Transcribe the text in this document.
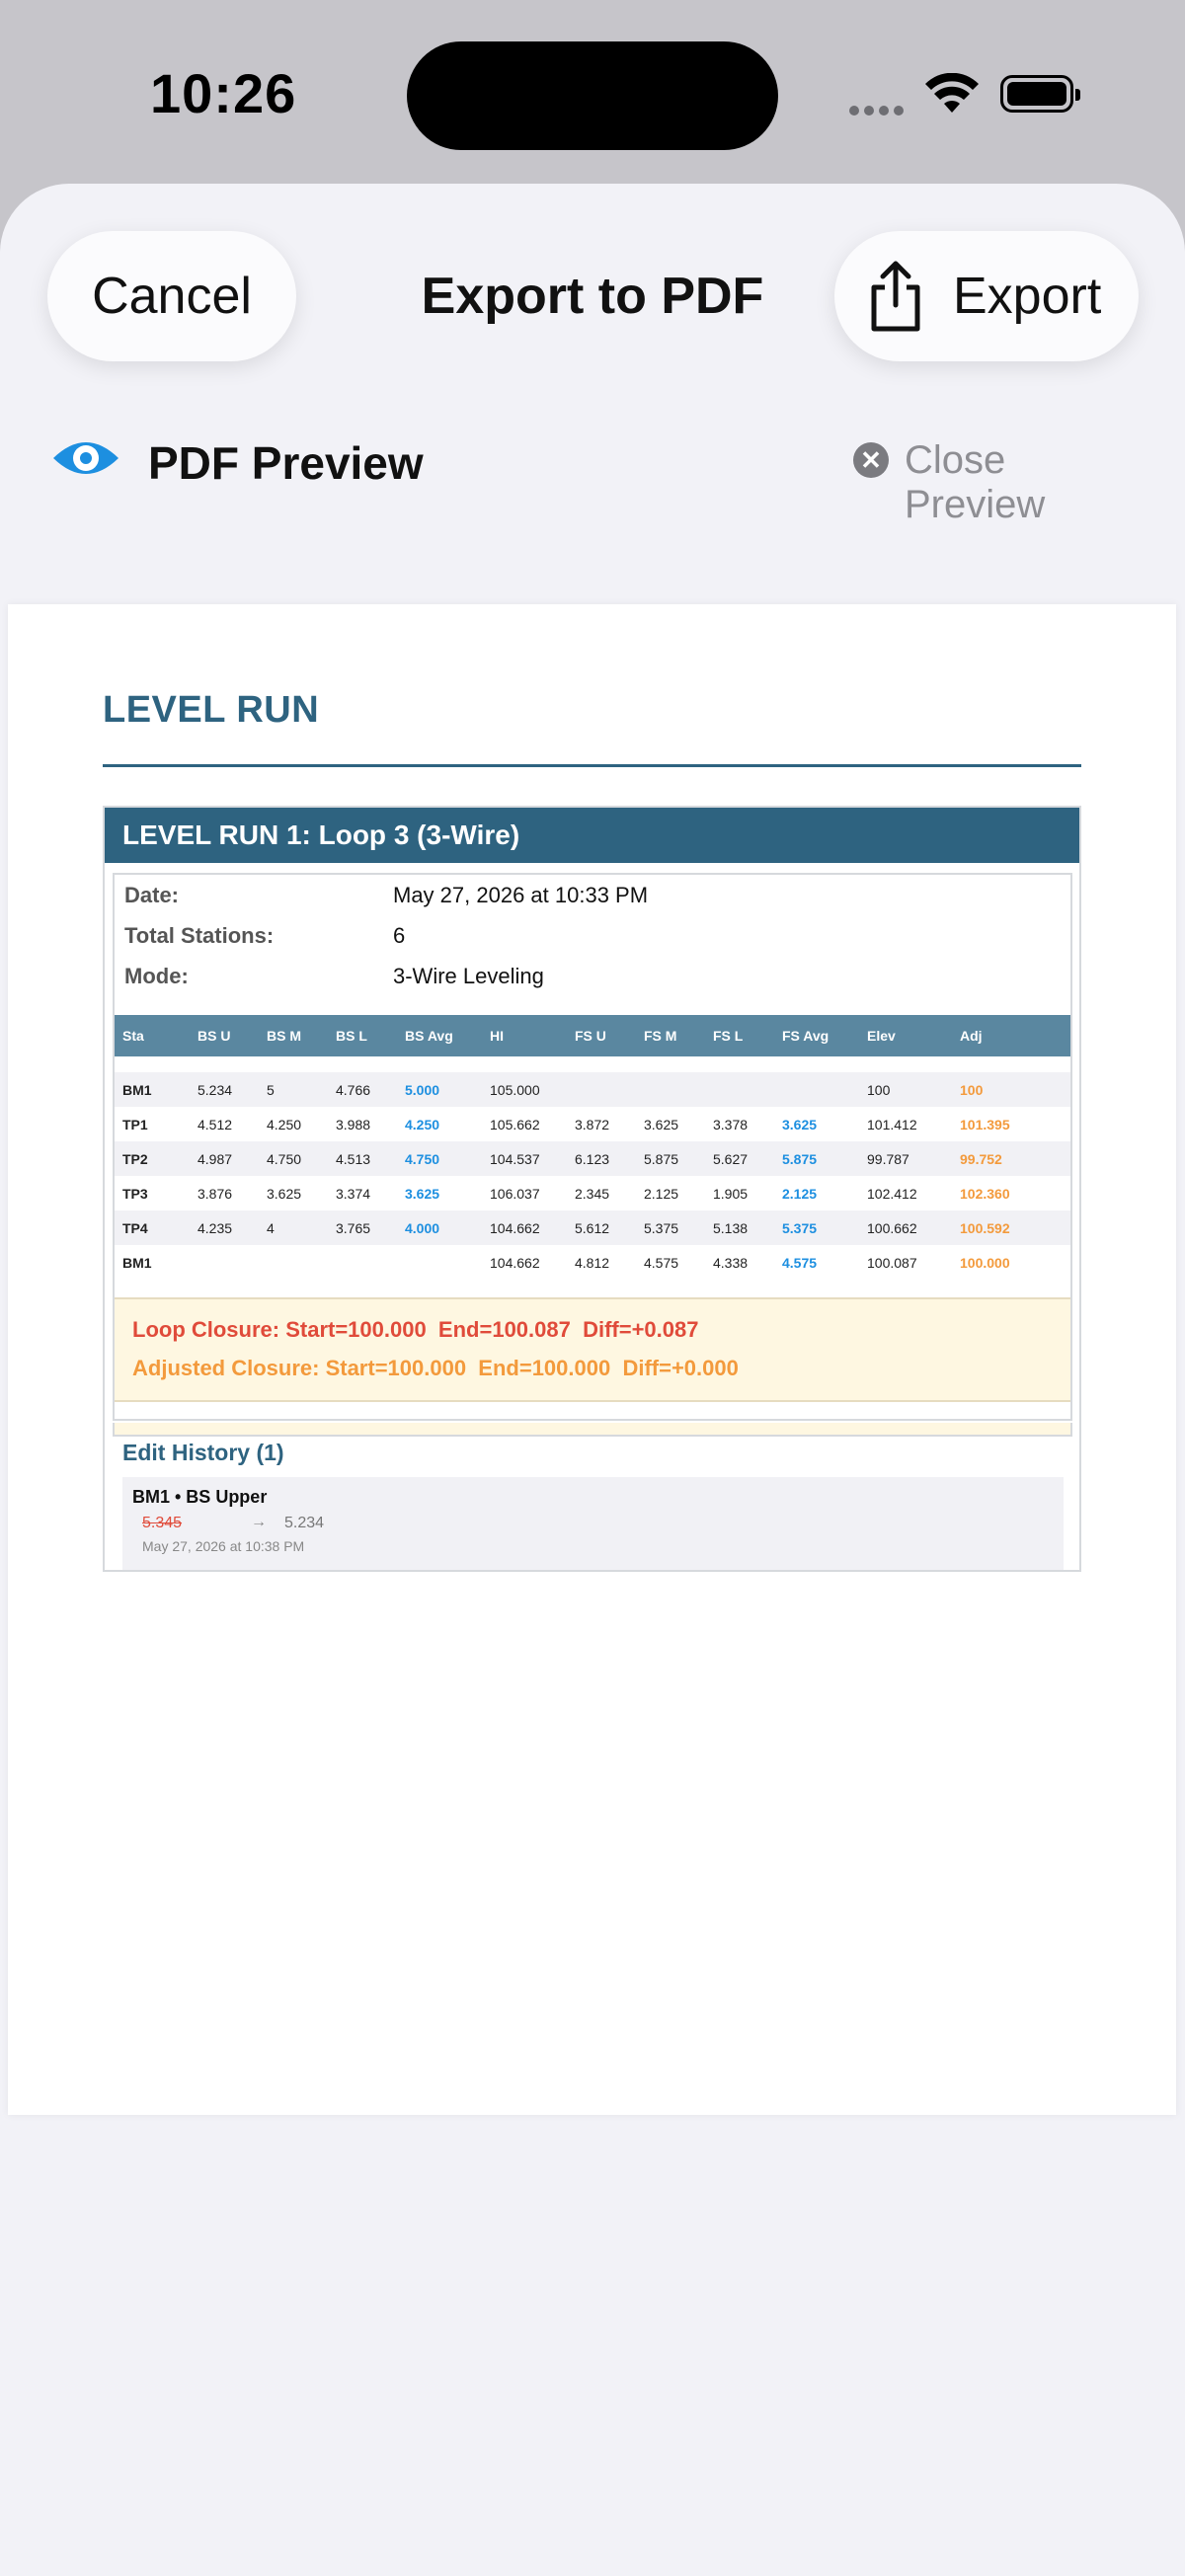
10:26
Cancel	Export to PDF	Export
PDF Preview	✕ Close Preview
LEVEL RUN
LEVEL RUN 1: Loop 3 (3-Wire)
Date:	May 27, 2026 at 10:33 PM
Total Stations:	6
Mode:	3-Wire Leveling
Sta	BS U	BS M	BS L	BS Avg	HI	FS U	FS M	FS L	FS Avg	Elev	Adj

BM1	5.234	5	4.766	5.000	105.000					100	100
TP1	4.512	4.250	3.988	4.250	105.662	3.872	3.625	3.378	3.625	101.412	101.395
TP2	4.987	4.750	4.513	4.750	104.537	6.123	5.875	5.627	5.875	99.787	99.752
TP3	3.876	3.625	3.374	3.625	106.037	2.345	2.125	1.905	2.125	102.412	102.360
TP4	4.235	4	3.765	4.000	104.662	5.612	5.375	5.138	5.375	100.662	100.592
BM1					104.662	4.812	4.575	4.338	4.575	100.087	100.000
Loop Closure: Start=100.000  End=100.087  Diff=+0.087
Adjusted Closure: Start=100.000  End=100.000  Diff=+0.000
Edit History (1)
BM1 • BS Upper
5.345	→ 5.234
May 27, 2026 at 10:38 PM
